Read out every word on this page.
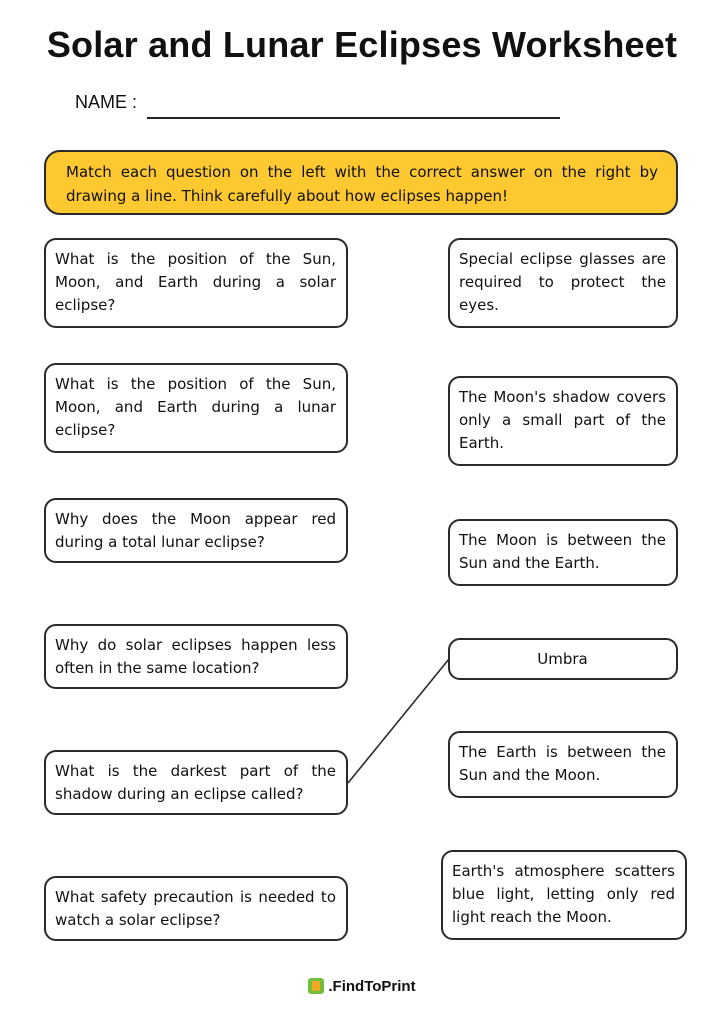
Solar and Lunar Eclipses Worksheet
NAME :
Match each question on the left with the correct answer on the right by drawing a line. Think carefully about how eclipses happen!
What is the position of the Sun, Moon, and Earth during a solar eclipse?
What is the position of the Sun, Moon, and Earth during a lunar eclipse?
Why does the Moon appear red during a total lunar eclipse?
Why do solar eclipses happen less often in the same location?
What is the darkest part of the shadow during an eclipse called?
What safety precaution is needed to watch a solar eclipse?
Special eclipse glasses are required to protect the eyes.
The Moon's shadow covers only a small part of the Earth.
The Moon is between the Sun and the Earth.
Umbra
The Earth is between the Sun and the Moon.
Earth's atmosphere scatters blue light, letting only red light reach the Moon.
.FindToPrint
